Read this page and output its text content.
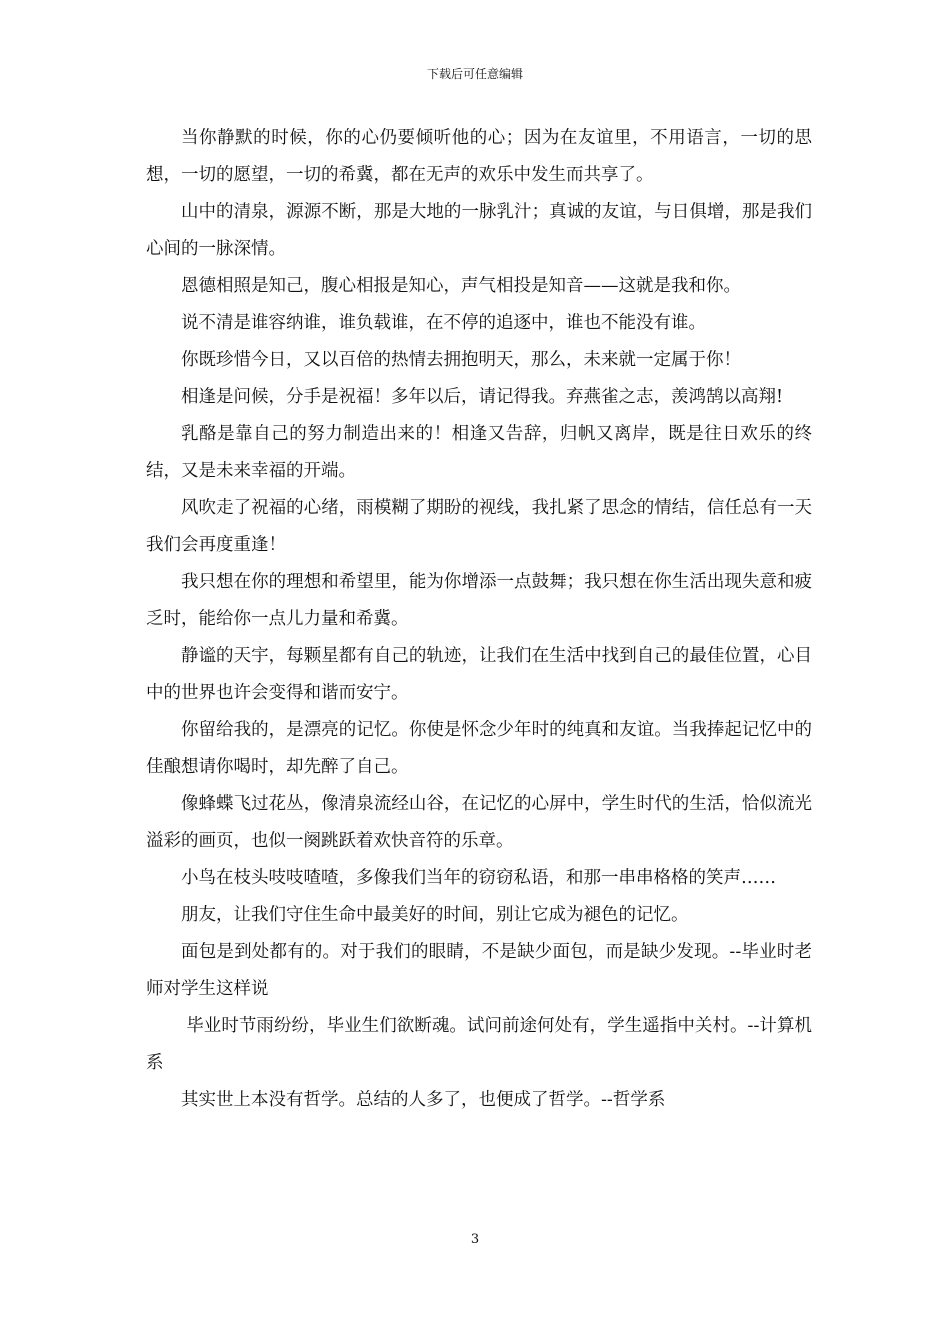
下载后可任意编辑

当你静默的时候，你的心仍要倾听他的心；因为在友谊里，不用语言，一切的思想，一切的愿望，一切的希冀，都在无声的欢乐中发生而共享了。

山中的清泉，源源不断，那是大地的一脉乳汁；真诚的友谊，与日俱增，那是我们心间的一脉深情。

恩德相照是知己，腹心相报是知心，声气相投是知音——这就是我和你。

说不清是谁容纳谁，谁负载谁，在不停的追逐中，谁也不能没有谁。

你既珍惜今日，又以百倍的热情去拥抱明天，那么，未来就一定属于你！

相逢是问候，分手是祝福！多年以后，请记得我。弃燕雀之志，羡鸿鹄以高翔!

乳酪是靠自己的努力制造出来的！相逢又告辞，归帆又离岸，既是往日欢乐的终结，又是未来幸福的开端。

风吹走了祝福的心绪，雨模糊了期盼的视线，我扎紧了思念的情结，信任总有一天我们会再度重逢！

我只想在你的理想和希望里，能为你增添一点鼓舞；我只想在你生活出现失意和疲乏时，能给你一点儿力量和希冀。

静谧的天宇，每颗星都有自己的轨迹，让我们在生活中找到自己的最佳位置，心目中的世界也许会变得和谐而安宁。

你留给我的，是漂亮的记忆。你使是怀念少年时的纯真和友谊。当我捧起记忆中的佳酿想请你喝时，却先醉了自己。

像蜂蝶飞过花丛，像清泉流经山谷，在记忆的心屏中，学生时代的生活，恰似流光溢彩的画页，也似一阕跳跃着欢快音符的乐章。

小鸟在枝头吱吱喳喳，多像我们当年的窃窃私语，和那一串串格格的笑声……

朋友，让我们守住生命中最美好的时间，别让它成为褪色的记忆。

面包是到处都有的。对于我们的眼睛，不是缺少面包，而是缺少发现。--毕业时老师对学生这样说

毕业时节雨纷纷，毕业生们欲断魂。试问前途何处有，学生遥指中关村。--计算机系

其实世上本没有哲学。总结的人多了，也便成了哲学。--哲学系

3
